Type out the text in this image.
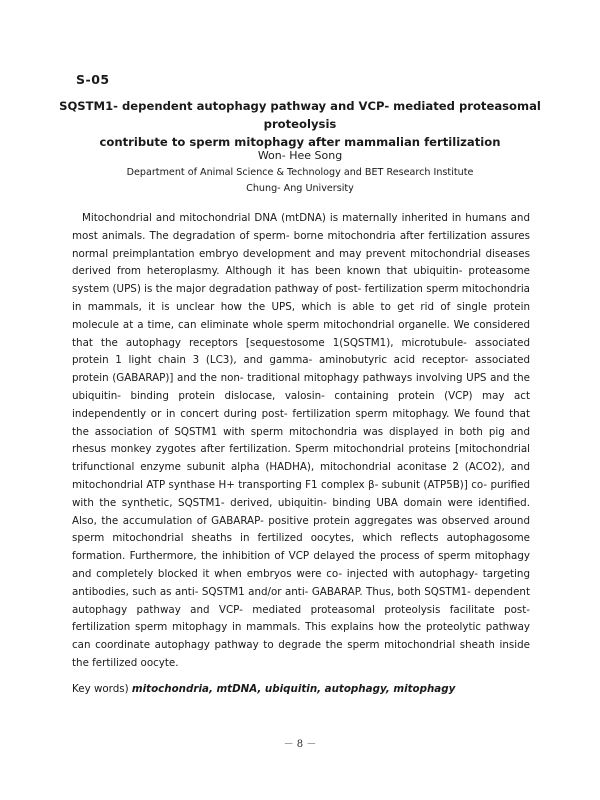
S-05
SQSTM1- dependent autophagy pathway and VCP- mediated proteasomal proteolysis
contribute to sperm mitophagy after mammalian fertilization
Won- Hee Song
Department of Animal Science & Technology and BET Research Institute
Chung- Ang University

Mitochondrial and mitochondrial DNA (mtDNA) is maternally inherited in humans and most animals. The degradation of sperm- borne mitochondria after fertilization assures normal preimplantation embryo development and may prevent mitochondrial diseases derived from heteroplasmy. Although it has been known that ubiquitin- proteasome system (UPS) is the major degradation pathway of post- fertilization sperm mitochondria in mammals, it is unclear how the UPS, which is able to get rid of single protein molecule at a time, can eliminate whole sperm mitochondrial organelle. We considered that the autophagy receptors [sequestosome 1(SQSTM1), microtubule- associated protein 1 light chain 3 (LC3), and gamma- aminobutyric acid receptor- associated protein (GABARAP)] and the non- traditional mitophagy pathways involving UPS and the ubiquitin- binding protein dislocase, valosin- containing protein (VCP) may act independently or in concert during post- fertilization sperm mitophagy. We found that the association of SQSTM1 with sperm mitochondria was displayed in both pig and rhesus monkey zygotes after fertilization. Sperm mitochondrial proteins [mitochondrial trifunctional enzyme subunit alpha (HADHA), mitochondrial aconitase 2 (ACO2), and mitochondrial ATP synthase H+ transporting F1 complex β- subunit (ATP5B)] co- purified with the synthetic, SQSTM1- derived, ubiquitin- binding UBA domain were identified. Also, the accumulation of GABARAP- positive protein aggregates was observed around sperm mitochondrial sheaths in fertilized oocytes, which reflects autophagosome formation. Furthermore, the inhibition of VCP delayed the process of sperm mitophagy and completely blocked it when embryos were co- injected with autophagy- targeting antibodies, such as anti- SQSTM1 and/or anti- GABARAP. Thus, both SQSTM1- dependent autophagy pathway and VCP- mediated proteasomal proteolysis facilitate post- fertilization sperm mitophagy in mammals. This explains how the proteolytic pathway can coordinate autophagy pathway to degrade the sperm mitochondrial sheath inside the fertilized oocyte.

Key words) mitochondria, mtDNA, ubiquitin, autophagy, mitophagy
－ 8 －
